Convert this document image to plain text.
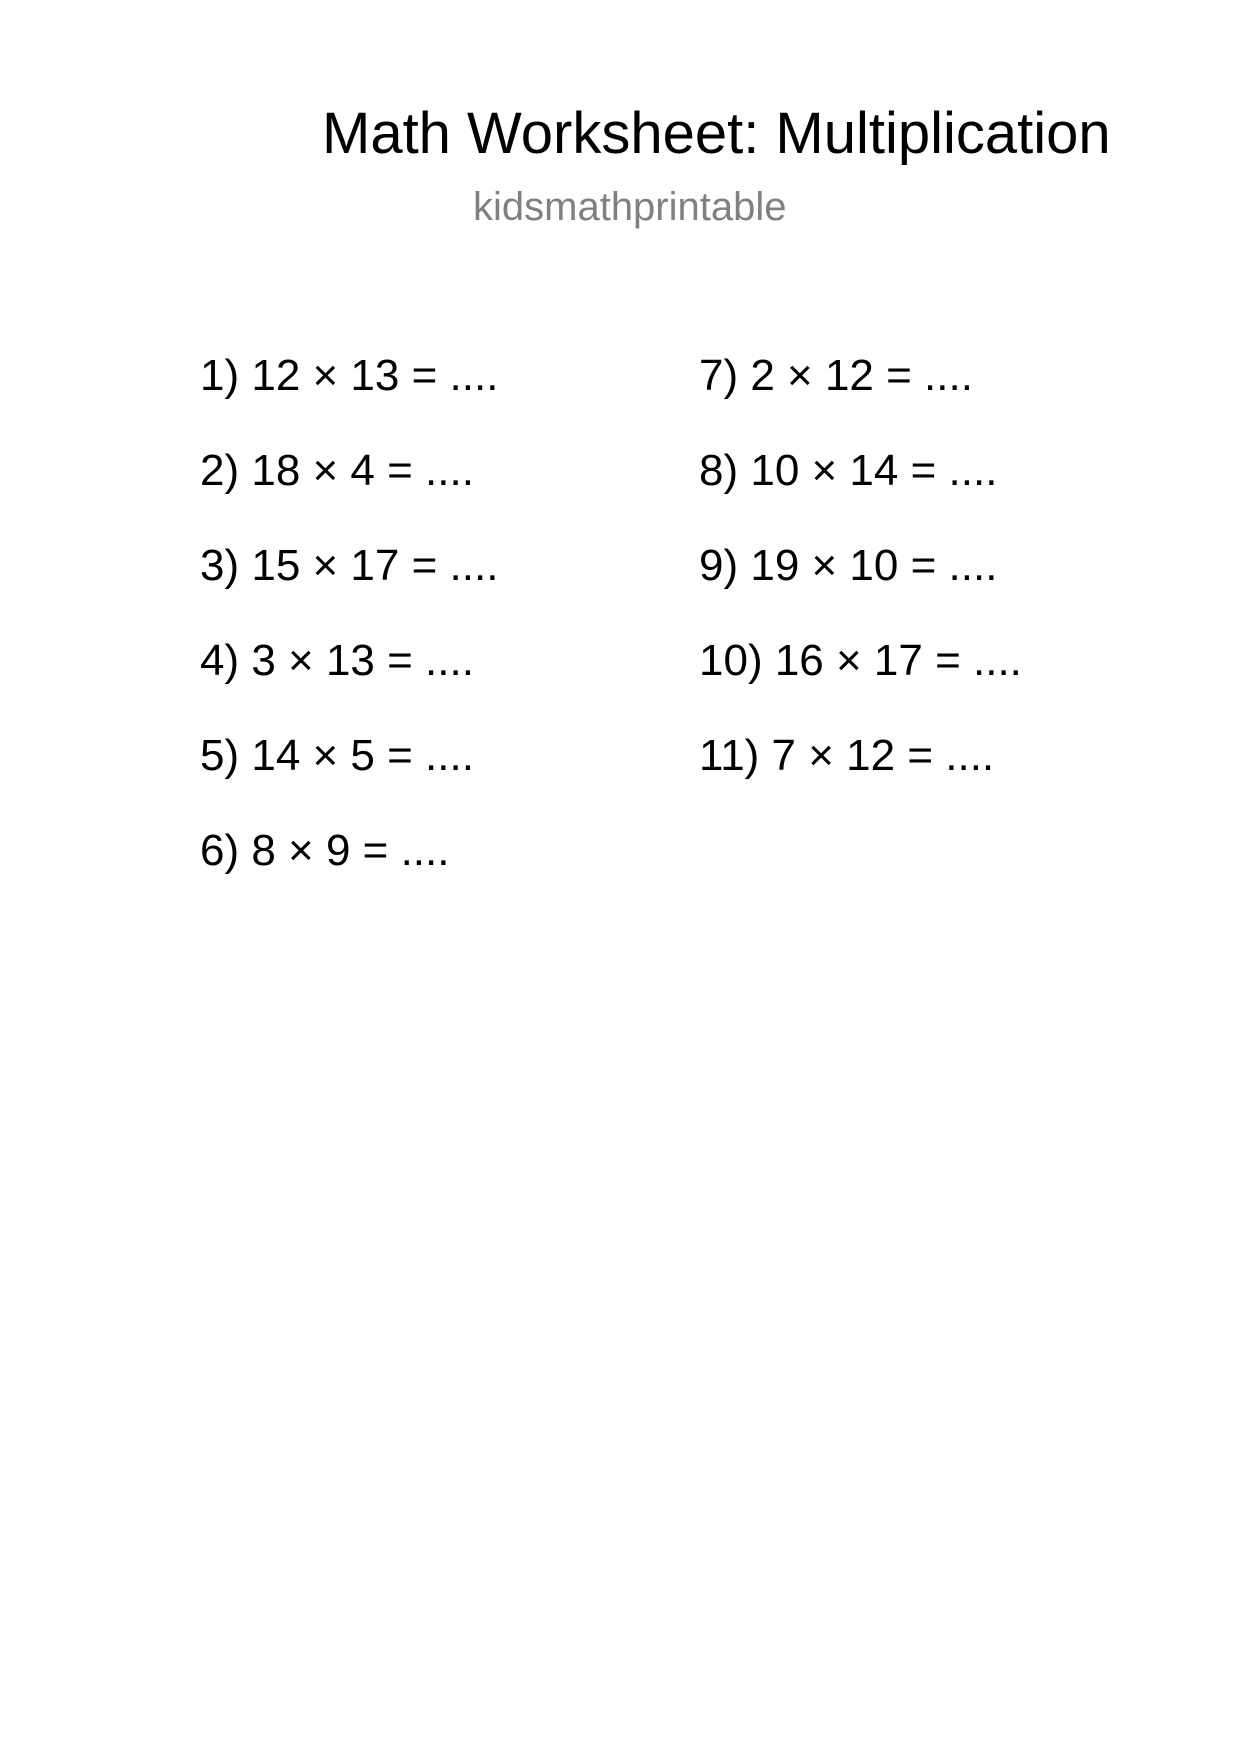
Math Worksheet: Multiplication
kidsmathprintable
1) 12 × 13 = ....
2) 18 × 4 = ....
3) 15 × 17 = ....
4) 3 × 13 = ....
5) 14 × 5 = ....
6) 8 × 9 = ....
7) 2 × 12 = ....
8) 10 × 14 = ....
9) 19 × 10 = ....
10) 16 × 17 = ....
11) 7 × 12 = ....
